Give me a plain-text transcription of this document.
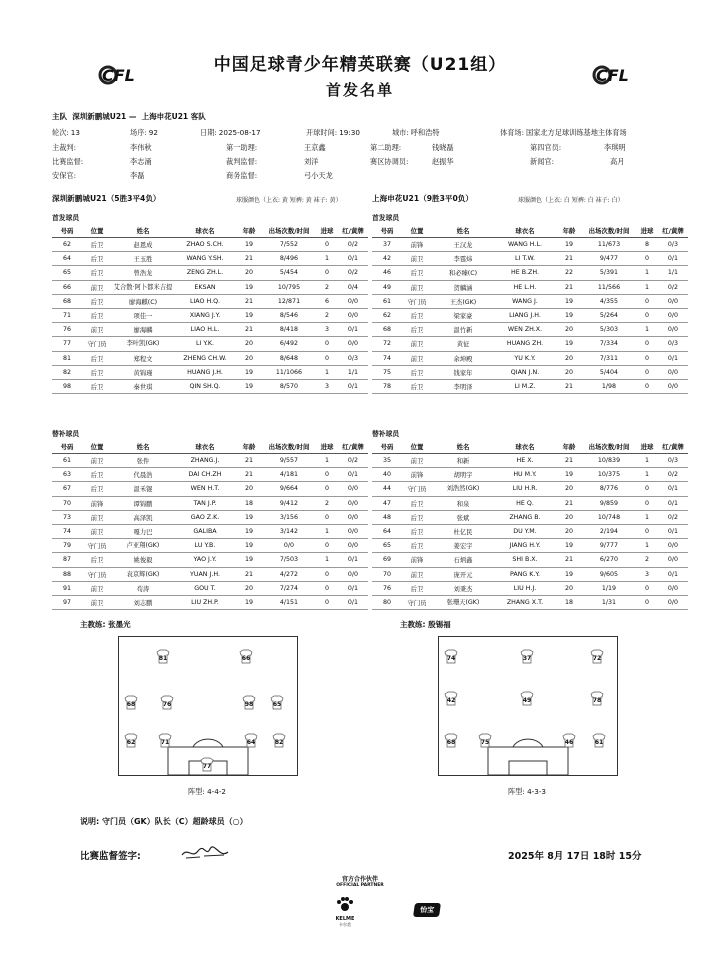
CFL	CFL
中国足球青少年精英联赛（U21组）
首发名单
主队 深圳新鹏城U21 — 上海申花U21 客队
轮次: 13	场序: 92	日期: 2025-08-17	开球时间: 19:30	城市: 呼和浩特	体育场: 国家北方足球训练基地主体育场
主裁判:	李伟秋	第一助理:	王京鑫	第二助理:	钱晓磊	第四官员:	李琪明
比赛监督:	李志涌	裁判监督:	刘洋	赛区协调员:	赵振华	新闻官:	高月
安保官:	李磊	商务监督:	弓小天龙
深圳新鹏城U21（5胜3平4负）	球服颜色（上衣: 黄 短裤: 黄 袜子: 黄）
首发球员
上海申花U21（9胜3平0负）	球服颜色（上衣: 白 短裤: 白 袜子: 白）
首发球员
号码	位置	姓名	球衣名	年龄	出场次数/时间	进球	红/黄牌
62	后卫	赵恩成	ZHAO S.CH.	19	7/552	0	0/2
64	后卫	王玉胜	WANG Y.SH.	21	8/496	1	0/1
65	后卫	曾浩龙	ZENG ZH.L.	20	5/454	0	0/2
66	前卫	艾合散·阿卜都米吉提	EKSAN	19	10/795	2	0/4
68	后卫	廖海麒(C)	LIAO H.Q.	21	12/871	6	0/0
71	后卫	项佳一	XIANG J.Y.	19	8/546	2	0/0
76	前卫	廖海麟	LIAO H.L.	21	8/418	3	0/1
77	守门员	李叶凯(GK)	LI Y.K.	20	6/492	0	0/0
81	后卫	郑程文	ZHENG CH.W.	20	8/648	0	0/3
82	后卫	黄锦瑾	HUANG J.H.	19	11/1066	1	1/1
98	后卫	秦世琪	QIN SH.Q.	19	8/570	3	0/1
号码	位置	姓名	球衣名	年龄	出场次数/时间	进球	红/黄牌
37	前锋	王汉龙	WANG H.L.	19	11/673	8	0/3
42	前卫	李霆炜	LI T.W.	21	9/477	0	0/1
46	后卫	和必臻(C)	HE B.ZH.	22	5/391	1	1/1
49	前卫	贺麟涵	HE L.H.	21	11/566	1	0/2
61	守门员	王杰(GK)	WANG J.	19	4/355	0	0/0
62	后卫	梁家豪	LIANG J.H.	19	5/264	0	0/0
68	后卫	温竹新	WEN ZH.X.	20	5/303	1	0/0
72	前卫	黄征	HUANG ZH.	19	7/334	0	0/3
74	前卫	余坤殿	YU K.Y.	20	7/311	0	0/1
75	后卫	钱家年	QIAN J.N.	20	5/404	0	0/0
78	后卫	李明泽	LI M.Z.	21	1/98	0	0/0
替补球员	替补球员
号码	位置	姓名	球衣名	年龄	出场次数/时间	进球	红/黄牌
61	前卫	张件	ZHANG.J.	21	9/557	1	0/2
63	后卫	代晨浩	DAI CH.ZH	21	4/181	0	0/1
67	后卫	温禾锟	WEN H.T.	20	9/664	0	0/0
70	前锋	谭锦鹏	TAN J.P.	18	9/412	2	0/0
73	前卫	高泽凯	GAO Z.K.	19	3/156	0	0/0
74	前卫	嘎力巴	GALIBA	19	3/142	1	0/0
79	守门员	卢亚翔(GK)	LU Y.B.	19	0/0	0	0/0
87	后卫	姚俊毅	YAO J.Y.	19	7/503	1	0/1
88	守门员	袁京辉(GK)	YUAN J.H.	21	4/272	0	0/0
91	前卫	苟涛	GOU T.	20	7/274	0	0/1
97	前卫	刘志鹏	LIU ZH.P.	19	4/151	0	0/1
号码	位置	姓名	球衣名	年龄	出场次数/时间	进球	红/黄牌
35	前卫	和新	HE X.	21	10/839	1	0/3
40	前锋	胡明宇	HU M.Y.	19	10/375	1	0/2
44	守门员	刘浩然(GK)	LIU H.R.	20	8/776	0	0/1
47	后卫	和泉	HE Q.	21	9/859	0	0/1
48	后卫	张斌	ZHANG B.	20	10/748	1	0/2
64	后卫	杜亿民	DU Y.M.	20	2/194	0	0/1
65	后卫	姜宏宇	JIANG H.Y.	19	9/777	1	0/0
69	前锋	石炳鑫	SHI B.X.	21	6/270	2	0/0
70	前卫	庞开元	PANG K.Y.	19	9/605	3	0/1
76	后卫	刘秉杰	LIU H.J.	20	1/19	0	0/0
80	守门员	张珊天(GK)	ZHANG X.T.	18	1/31	0	0/0
主教练: 张墨光	主教练: 殷锡福
81	66
68	76	98	65
62	71	64	82
77
74	37	72
42	49	78
68	75	46	61
阵型: 4-4-2	阵型: 4-3-3
说明: 守门员（GK）队长（C）超龄球员（○）
比赛监督签字:	2025年 8月 17日 18时 15分
官方合作伙伴
OFFICIAL PARTNER
KELME
卡尔美
怡宝
